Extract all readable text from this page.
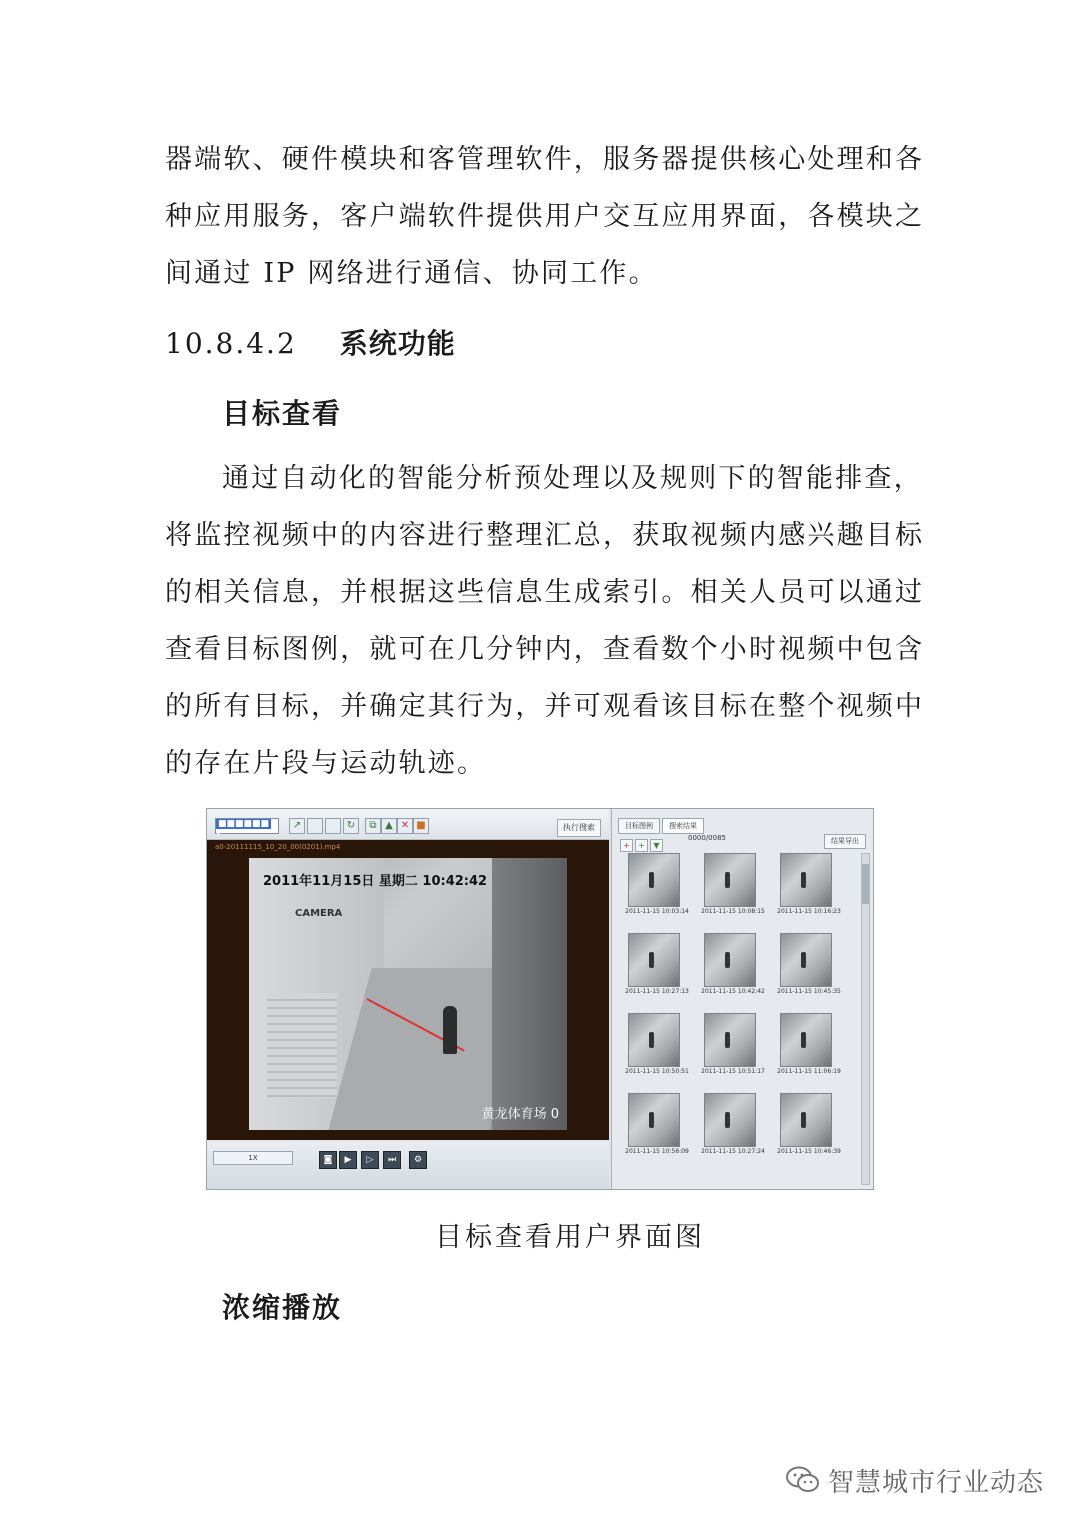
器端软、硬件模块和客管理软件，服务器提供核心处理和各

种应用服务，客户端软件提供用户交互应用界面，各模块之

间通过 IP 网络进行通信、协同工作。

10.8.4.2 系统功能
目标查看

通过自动化的智能分析预处理以及规则下的智能排查，

将监控视频中的内容进行整理汇总，获取视频内感兴趣目标

的相关信息，并根据这些信息生成索引。相关人员可以通过

查看目标图例，就可在几分钟内，查看数个小时视频中包含

的所有目标，并确定其行为，并可观看该目标在整个视频中

的存在片段与运动轨迹。

■■■■■■ ▾
↗	↻	⧉ ▲ ✕ ■	执行搜索
a0-20111115_10_20_00(0201).mp4
2011年11月15日 星期二 10:42:42
CAMERA
黄龙体育场 0
1X	◙	▶	▷	⏭	⚙
目标图例 搜索结果
+ + ▼
0000/0085	结果导出
2011-11-15 10:03:14	2011-11-15 10:08:15	2011-11-15 10:16:23
2011-11-15 10:27:13	2011-11-15 10:42:42	2011-11-15 10:45:35
2011-11-15 10:50:51	2011-11-15 10:51:17	2011-11-15 11:06:19
2011-11-15 10:56:09	2011-11-15 10:27:24	2011-11-15 10:46:39
目标查看用户界面图
浓缩播放
智慧城市行业动态
